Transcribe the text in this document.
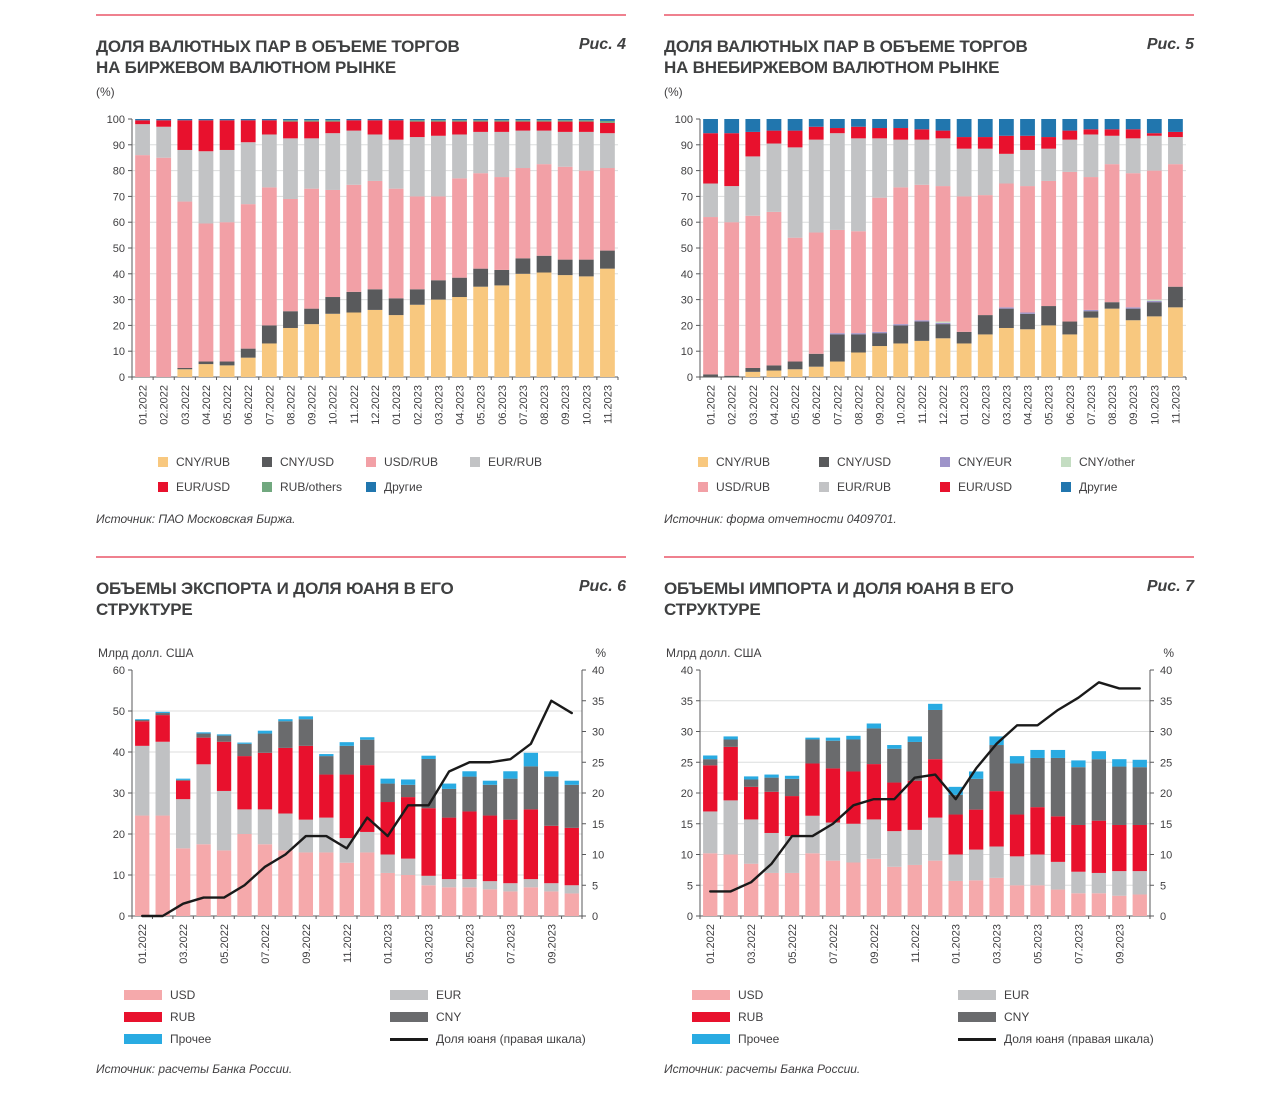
ДОЛЯ ВАЛЮТНЫХ ПАР В ОБЪЕМЕ ТОРГОВ
НА БИРЖЕВОМ ВАЛЮТНОМ РЫНКЕ
Рис. 4
(%)
0
10
20
30
40
50
60
70
80
90
100
01.2022 02.2022 03.2022 04.2022 05.2022 06.2022 07.2022 08.2022 09.2022 10.2022 11.2022 12.2022 01.2023 02.2023 03.2023 04.2023 05.2023 06.2023 07.2023 08.2023 09.2023 10.2023 11.2023
CNY/RUB	CNY/USD	USD/RUB	EUR/RUB
EUR/USD	RUB/others	Другие
Источник: ПАО Московская Биржа.
ДОЛЯ ВАЛЮТНЫХ ПАР В ОБЪЕМЕ ТОРГОВ
НА ВНЕБИРЖЕВОМ ВАЛЮТНОМ РЫНКЕ
Рис. 5
(%)
0
10
20
30
40
50
60
70
80
90
100
01.2022 02.2022 03.2022 04.2022 05.2022 06.2022 07.2022 08.2022 09.2022 10.2022 11.2022 12.2022 01.2023 02.2023 03.2023 04.2023 05.2023 06.2023 07.2023 08.2023 09.2023 10.2023 11.2023
CNY/RUB	CNY/USD	CNY/EUR	CNY/other
USD/RUB	EUR/RUB	EUR/USD	Другие
Источник: форма отчетности 0409701.
ОБЪЕМЫ ЭКСПОРТА И ДОЛЯ ЮАНЯ В ЕГО
СТРУКТУРЕ
Рис. 6
Млрд долл. США	%
0
10
20
30
40
50
60
0
5
10
15
20
25
30
35
40
01.2022	03.2022	05.2022	07.2022	09.2022	11.2022	01.2023	03.2023	05.2023	07.2023	09.2023
USD	EUR
RUB	CNY
Прочее	Доля юаня (правая шкала)
Источник: расчеты Банка России.
ОБЪЕМЫ ИМПОРТА И ДОЛЯ ЮАНЯ В ЕГО
СТРУКТУРЕ
Рис. 7
Млрд долл. США	%
0
5
10
15
20
25
30
35
40
0
5
10
15
20
25
30
35
40
01.2022	03.2022	05.2022	07.2022	09.2022	11.2022	01.2023	03.2023	05.2023	07.2023	09.2023
USD	EUR
RUB	CNY
Прочее	Доля юаня (правая шкала)
Источник: расчеты Банка России.
